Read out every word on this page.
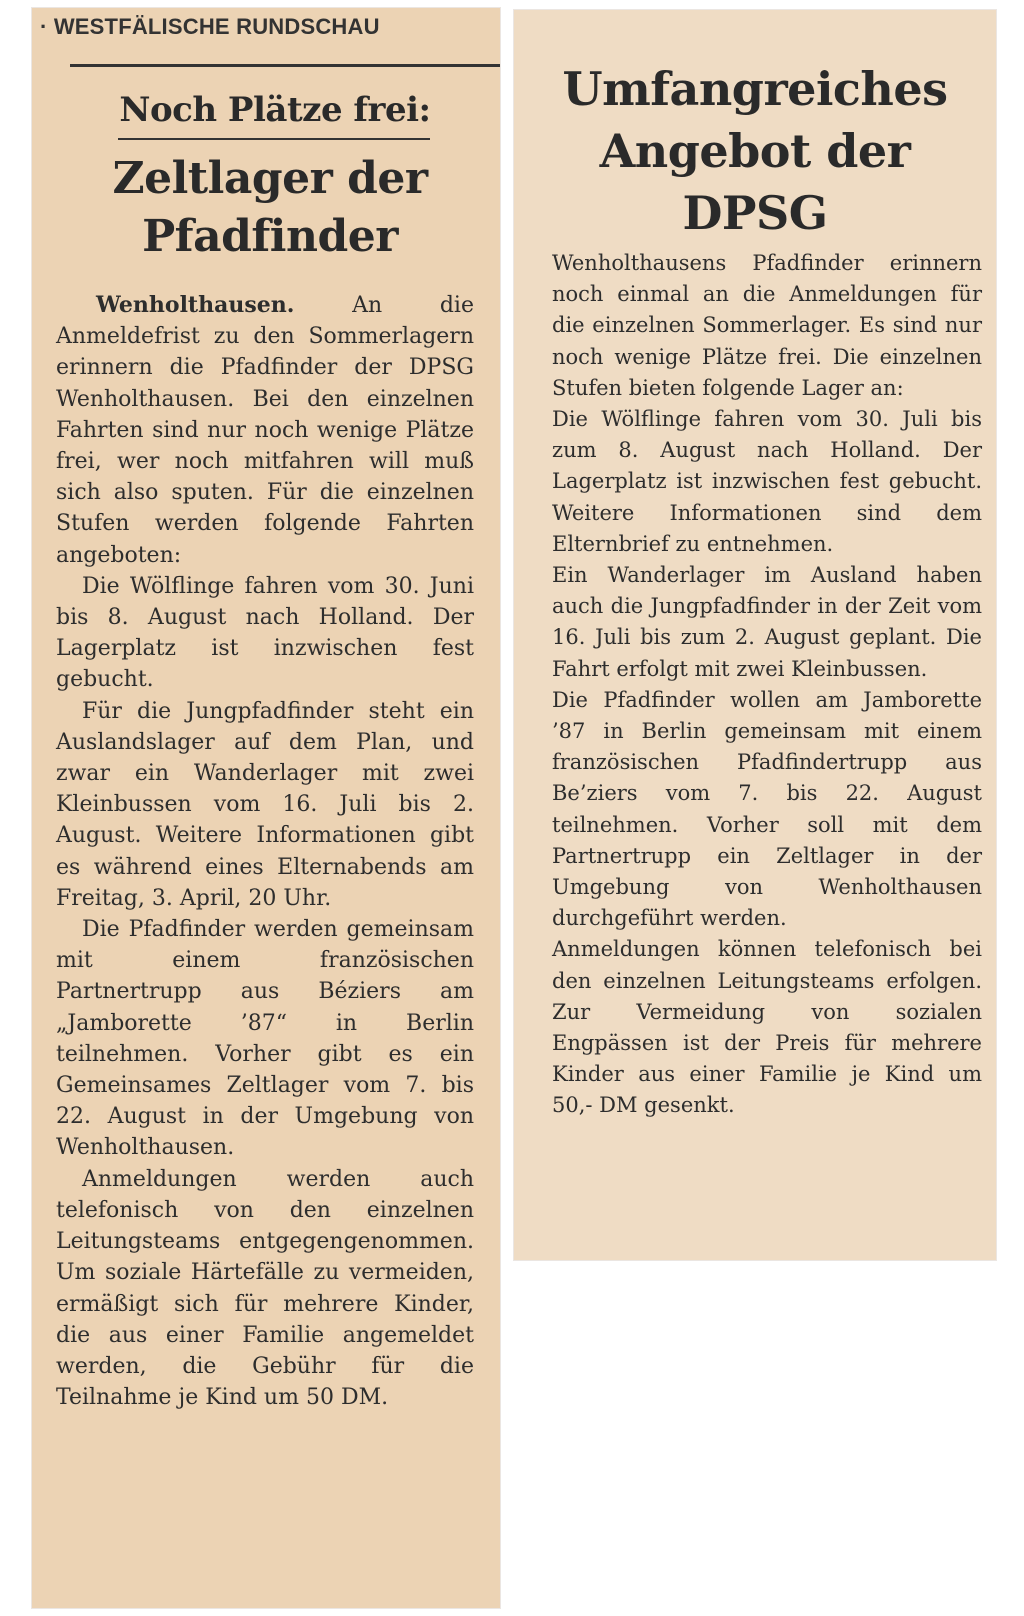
· WESTFÄLISCHE RUNDSCHAU
Noch Plätze frei:
Zeltlager der Pfadfinder

Wenholthausen.	An die Anmeldefrist zu den Sommerlagern erinnern die Pfadfinder der DPSG Wenholthausen. Bei den einzelnen Fahrten sind nur noch wenige Plätze frei, wer noch mitfahren will muß sich also sputen. Für die einzelnen Stufen werden folgende Fahrten angeboten:

Die Wölflinge fahren vom 30. Juni bis 8. August nach Holland. Der Lagerplatz ist inzwischen fest gebucht.

Für die Jungpfadfinder steht ein Auslandslager auf dem Plan, und zwar ein Wanderlager mit zwei Kleinbussen vom 16. Juli bis 2. August. Weitere Informationen gibt es während eines Elternabends am Freitag, 3. April, 20 Uhr.

Die Pfadfinder werden gemeinsam mit einem französischen Partnertrupp aus Béziers am „Jamborette ’87“ in Berlin teilnehmen. Vorher gibt es ein Gemeinsames Zeltlager vom 7. bis 22. August in der Umgebung von Wenholthausen.

Anmeldungen werden auch telefonisch von den einzelnen Leitungsteams entgegengenommen. Um soziale Härtefälle zu vermeiden, ermäßigt sich für mehrere Kinder, die aus einer Familie angemeldet werden, die Gebühr für die Teilnahme je Kind um 50 DM.

Umfangreiches Angebot der DPSG

Wenholthausens Pfadfinder erinnern noch einmal an die Anmeldungen für die einzelnen Sommerlager. Es sind nur noch wenige Plätze frei. Die einzelnen Stufen bieten folgende Lager an:

Die Wölflinge fahren vom 30. Juli bis zum 8. August nach Holland. Der Lagerplatz ist inzwischen fest gebucht. Weitere Informationen sind dem Elternbrief zu entnehmen.

Ein Wanderlager im Ausland haben auch die Jungpfadfinder in der Zeit vom 16. Juli bis zum 2. August geplant. Die Fahrt erfolgt mit zwei Kleinbussen.

Die Pfadfinder wollen am Jamborette ’87 in Berlin gemeinsam mit einem französischen Pfadfindertrupp aus Be’ziers vom 7. bis 22. August teilnehmen. Vorher soll mit dem Partnertrupp ein Zeltlager in der Umgebung von Wenholthausen durchgeführt werden.

Anmeldungen können telefonisch bei den einzelnen Leitungsteams erfolgen. Zur Vermeidung von sozialen Engpässen ist der Preis für mehrere Kinder aus einer Familie je Kind um 50,- DM gesenkt.
